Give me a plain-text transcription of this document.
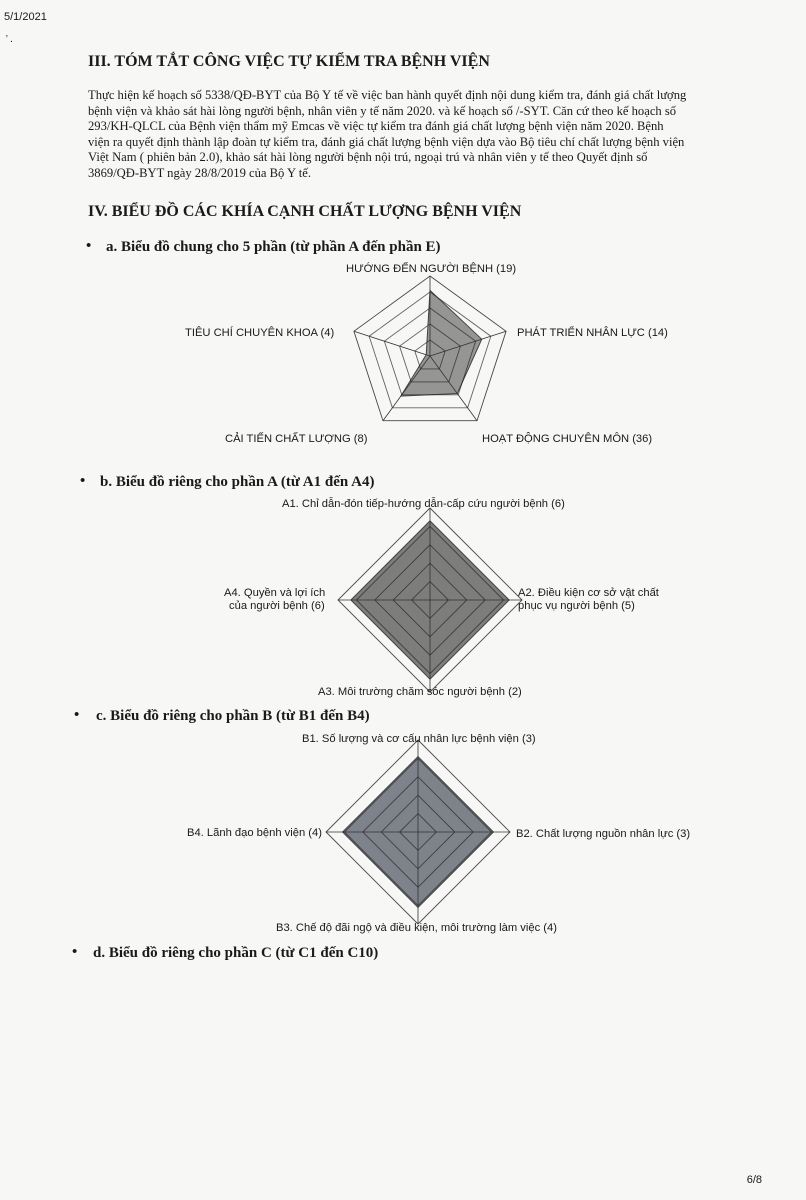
5/1/2021
' .
III. TÓM TẮT CÔNG VIỆC TỰ KIỂM TRA BỆNH VIỆN

Thực hiện kế hoạch số 5338/QĐ-BYT của Bộ Y tế về việc ban hành quyết định nội dung kiểm tra, đánh giá chất lượng

bệnh viện và khảo sát hài lòng người bệnh, nhân viên y tế năm 2020. và kế hoạch số /-SYT. Căn cứ theo kế hoạch số

293/KH-QLCL của Bệnh viện thẩm mỹ Emcas về việc tự kiểm tra đánh giá chất lượng bệnh viện năm 2020. Bệnh

viện ra quyết định thành lập đoàn tự kiểm tra, đánh giá chất lượng bệnh viện dựa vào Bộ tiêu chí chất lượng bệnh viện

Việt Nam ( phiên bản 2.0), khảo sát hài lòng người bệnh nội trú, ngoại trú và nhân viên y tế theo Quyết định số

3869/QĐ-BYT ngày 28/8/2019 của Bộ Y tế.

IV. BIỂU ĐỒ CÁC KHÍA CẠNH CHẤT LƯỢNG BỆNH VIỆN
• a. Biểu đồ chung cho 5 phần (từ phần A đến phần E)
• b. Biểu đồ riêng cho phần A (từ A1 đến A4)
• c. Biểu đồ riêng cho phần B (từ B1 đến B4)
• d. Biểu đồ riêng cho phần C (từ C1 đến C10)
HƯỚNG ĐẾN NGƯỜI BỆNH (19)
PHÁT TRIỂN NHÂN LỰC (14)
HOẠT ĐỘNG CHUYÊN MÔN (36)
CẢI TIẾN CHẤT LƯỢNG (8)
TIÊU CHÍ CHUYÊN KHOA (4)
A1. Chỉ dẫn-đón tiếp-hướng dẫn-cấp cứu người bệnh (6)
A2. Điều kiện cơ sở vật chất
phục vụ người bệnh (5)
A3. Môi trường chăm sóc người bệnh (2)
A4. Quyền và lợi ích
của người bệnh (6)
B1. Số lượng và cơ cấu nhân lực bệnh viện (3)
B2. Chất lượng nguồn nhân lực (3)
B3. Chế độ đãi ngộ và điều kiện, môi trường làm việc (4)
B4. Lãnh đạo bệnh viện (4)
6/8
